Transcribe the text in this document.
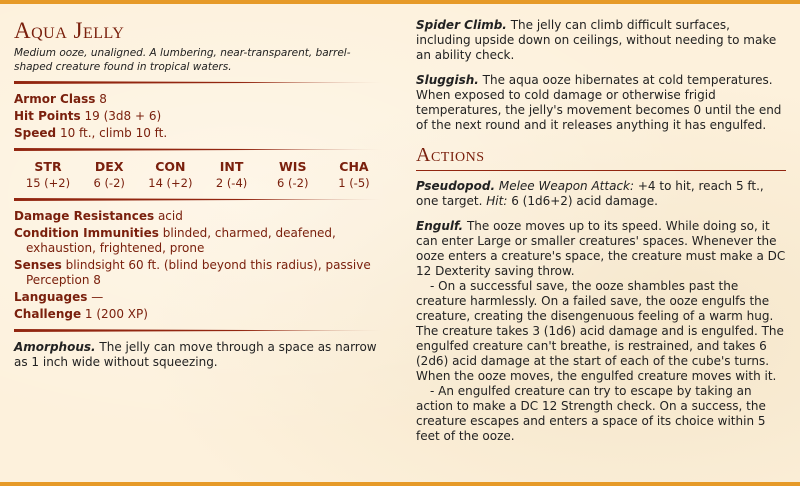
Aqua Jelly
Medium ooze, unaligned. A lumbering, near-transparent, barrel-shaped creature found in tropical waters.
Armor Class 8
Hit Points 19 (3d8 + 6)
Speed 10 ft., climb 10 ft.
STR
15 (+2)
DEX
6 (-2)
CON
14 (+2)
INT
2 (-4)
WIS
6 (-2)
CHA
1 (-5)
Damage Resistances acid
Condition Immunities blinded, charmed, deafened, exhaustion, frightened, prone
Senses blindsight 60 ft. (blind beyond this radius), passive Perception 8
Languages —
Challenge 1 (200 XP)

Amorphous. The jelly can move through a space as narrow as 1 inch wide without squeezing.

Spider Climb. The jelly can climb difficult surfaces, including upside down on ceilings, without needing to make an ability check.

Sluggish. The aqua ooze hibernates at cold temperatures. When exposed to cold damage or otherwise frigid temperatures, the jelly's movement becomes 0 until the end of the next round and it releases anything it has engulfed.

Actions

Pseudopod. Melee Weapon Attack: +4 to hit, reach 5 ft., one target. Hit: 6 (1d6+2) acid damage.

Engulf. The ooze moves up to its speed. While doing so, it can enter Large or smaller creatures' spaces. Whenever the ooze enters a creature's space, the creature must make a DC 12 Dexterity saving throw.

- On a successful save, the ooze shambles past the creature harmlessly. On a failed save, the ooze engulfs the creature, creating the disengenuous feeling of a warm hug. The creature takes 3 (1d6) acid damage and is engulfed. The engulfed creature can't breathe, is restrained, and takes 6 (2d6) acid damage at the start of each of the cube's turns. When the ooze moves, the engulfed creature moves with it.

- An engulfed creature can try to escape by taking an action to make a DC 12 Strength check. On a success, the creature escapes and enters a space of its choice within 5 feet of the ooze.
